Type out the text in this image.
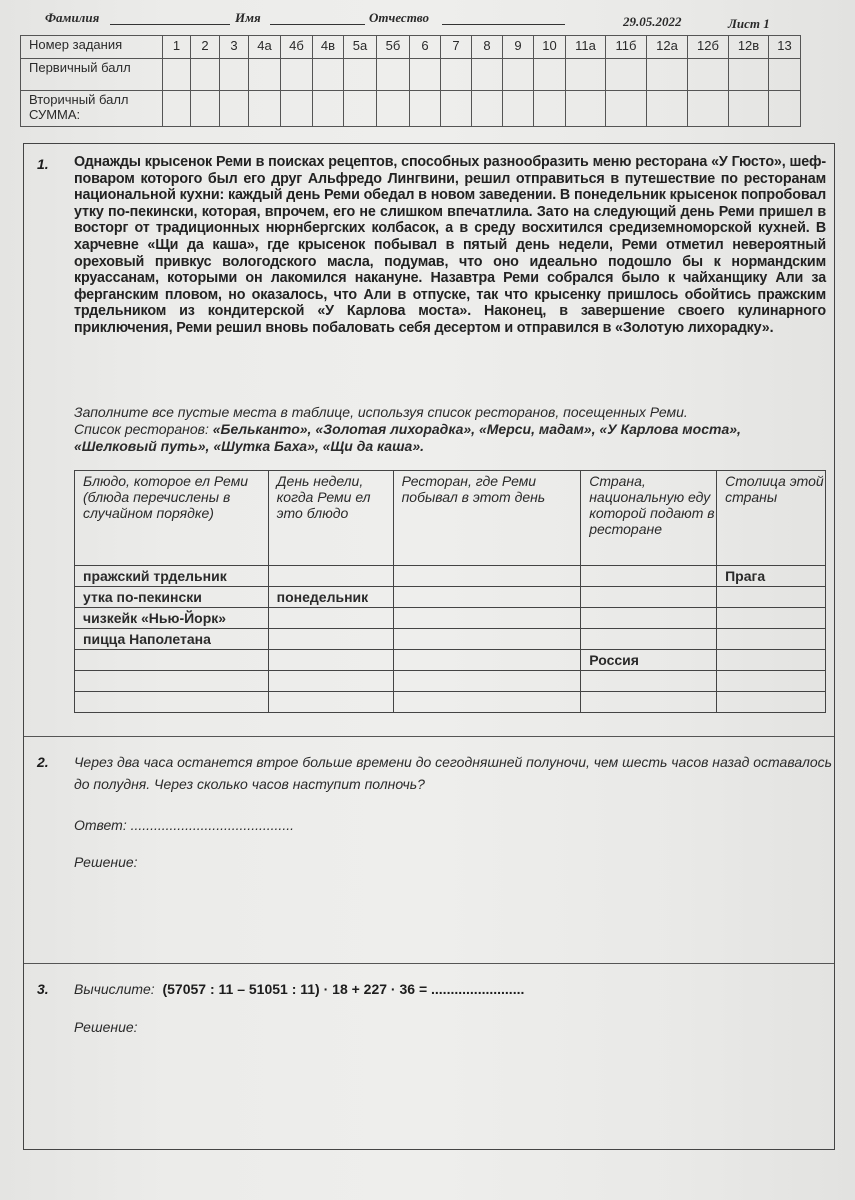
Фамилия	Имя	Отчество	29.05.2022	Лист 1
Номер задания	1	2	3	4а	4б	4в	5а	5б	6	7	8	9	10	11а	11б	12а	12б	12в	13
Первичный балл																			
Вторичный балл
СУММА:																			
1. Однажды крысенок Реми в поисках рецептов, способных разнообразить меню ресторана «У Гюсто», шеф-поваром которого был его друг Альфредо Лингвини, решил отправиться в путешествие по ресторанам национальной кухни: каждый день Реми обедал в новом заведении. В понедельник крысенок попробовал утку по-пекински, которая, впрочем, его не слишком впечатлила. Зато на следующий день Реми пришел в восторг от традиционных нюрнбергских колбасок, а в среду восхитился средиземноморской кухней. В харчевне «Щи да каша», где крысенок побывал в пятый день недели, Реми отметил невероятный ореховый привкус вологодского масла, подумав, что оно идеально подошло бы к нормандским круассанам, которыми он лакомился накануне. Назавтра Реми собрался было к чайханщику Али за ферганским пловом, но оказалось, что Али в отпуске, так что крысенку пришлось обойтись пражским трдельником из кондитерской «У Карлова моста». Наконец, в завершение своего кулинарного приключения, Реми решил вновь побаловать себя десертом и отправился в «Золотую лихорадку».
Заполните все пустые места в таблице, используя список ресторанов, посещенных Реми.
Список ресторанов: «Бельканто», «Золотая лихорадка», «Мерси, мадам», «У Карлова моста», «Шелковый путь», «Шутка Баха», «Щи да каша».
Блюдо, которое ел Реми (блюда перечислены в случайном порядке)	День недели, когда Реми ел это блюдо	Ресторан, где Реми побывал в этот день	Страна, национальную еду которой подают в ресторане	Столица этой страны
пражский трдельник				Прага
утка по-пекински	понедельник			
чизкейк «Нью-Йорк»				
пицца Наполетана				
			Россия	

2. Через два часа останется втрое больше времени до сегодняшней полуночи, чем шесть часов назад оставалось до полудня. Через сколько часов наступит полночь?
Ответ: ..........................................
Решение:
3. Вычислите: (57057 : 11 – 51051 : 11) · 18 + 227 · 36 = ........................
Решение:
